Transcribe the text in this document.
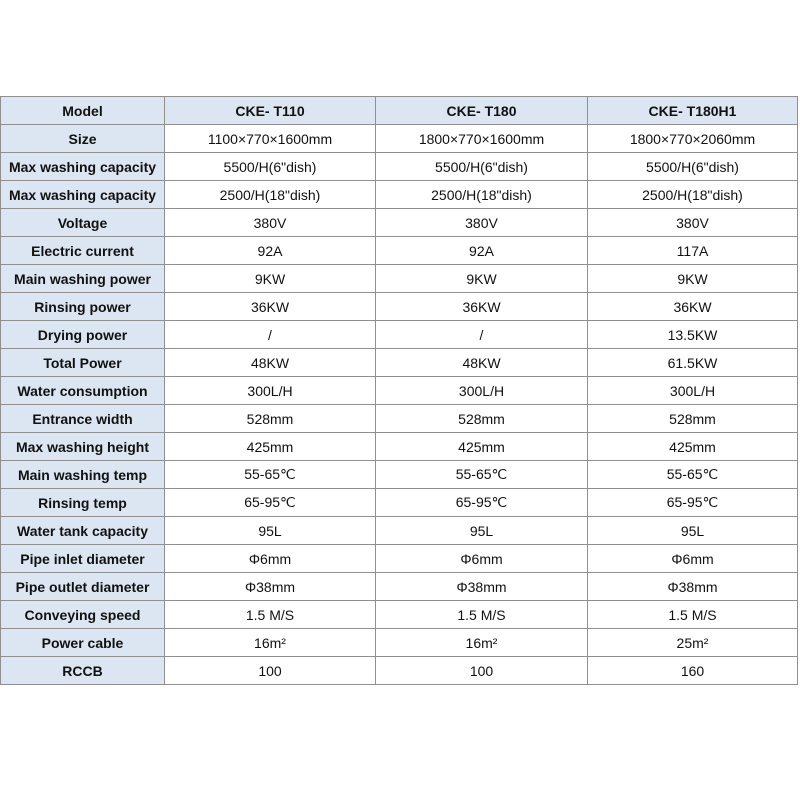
Model	CKE- T110	CKE- T180	CKE- T180H1
Size	1100×770×1600mm	1800×770×1600mm	1800×770×2060mm
Max washing capacity	5500/H(6"dish)	5500/H(6"dish)	5500/H(6"dish)
Max washing capacity	2500/H(18"dish)	2500/H(18"dish)	2500/H(18"dish)
Voltage	380V	380V	380V
Electric current	92A	92A	117A
Main washing power	9KW	9KW	9KW
Rinsing power	36KW	36KW	36KW
Drying power	/	/	13.5KW
Total Power	48KW	48KW	61.5KW
Water consumption	300L/H	300L/H	300L/H
Entrance width	528mm	528mm	528mm
Max washing height	425mm	425mm	425mm
Main washing temp	55-65℃	55-65℃	55-65℃
Rinsing temp	65-95℃	65-95℃	65-95℃
Water tank capacity	95L	95L	95L
Pipe inlet diameter	Φ6mm	Φ6mm	Φ6mm
Pipe outlet diameter	Φ38mm	Φ38mm	Φ38mm
Conveying speed	1.5 M/S	1.5 M/S	1.5 M/S
Power cable	16m²	16m²	25m²
RCCB	100	100	160
